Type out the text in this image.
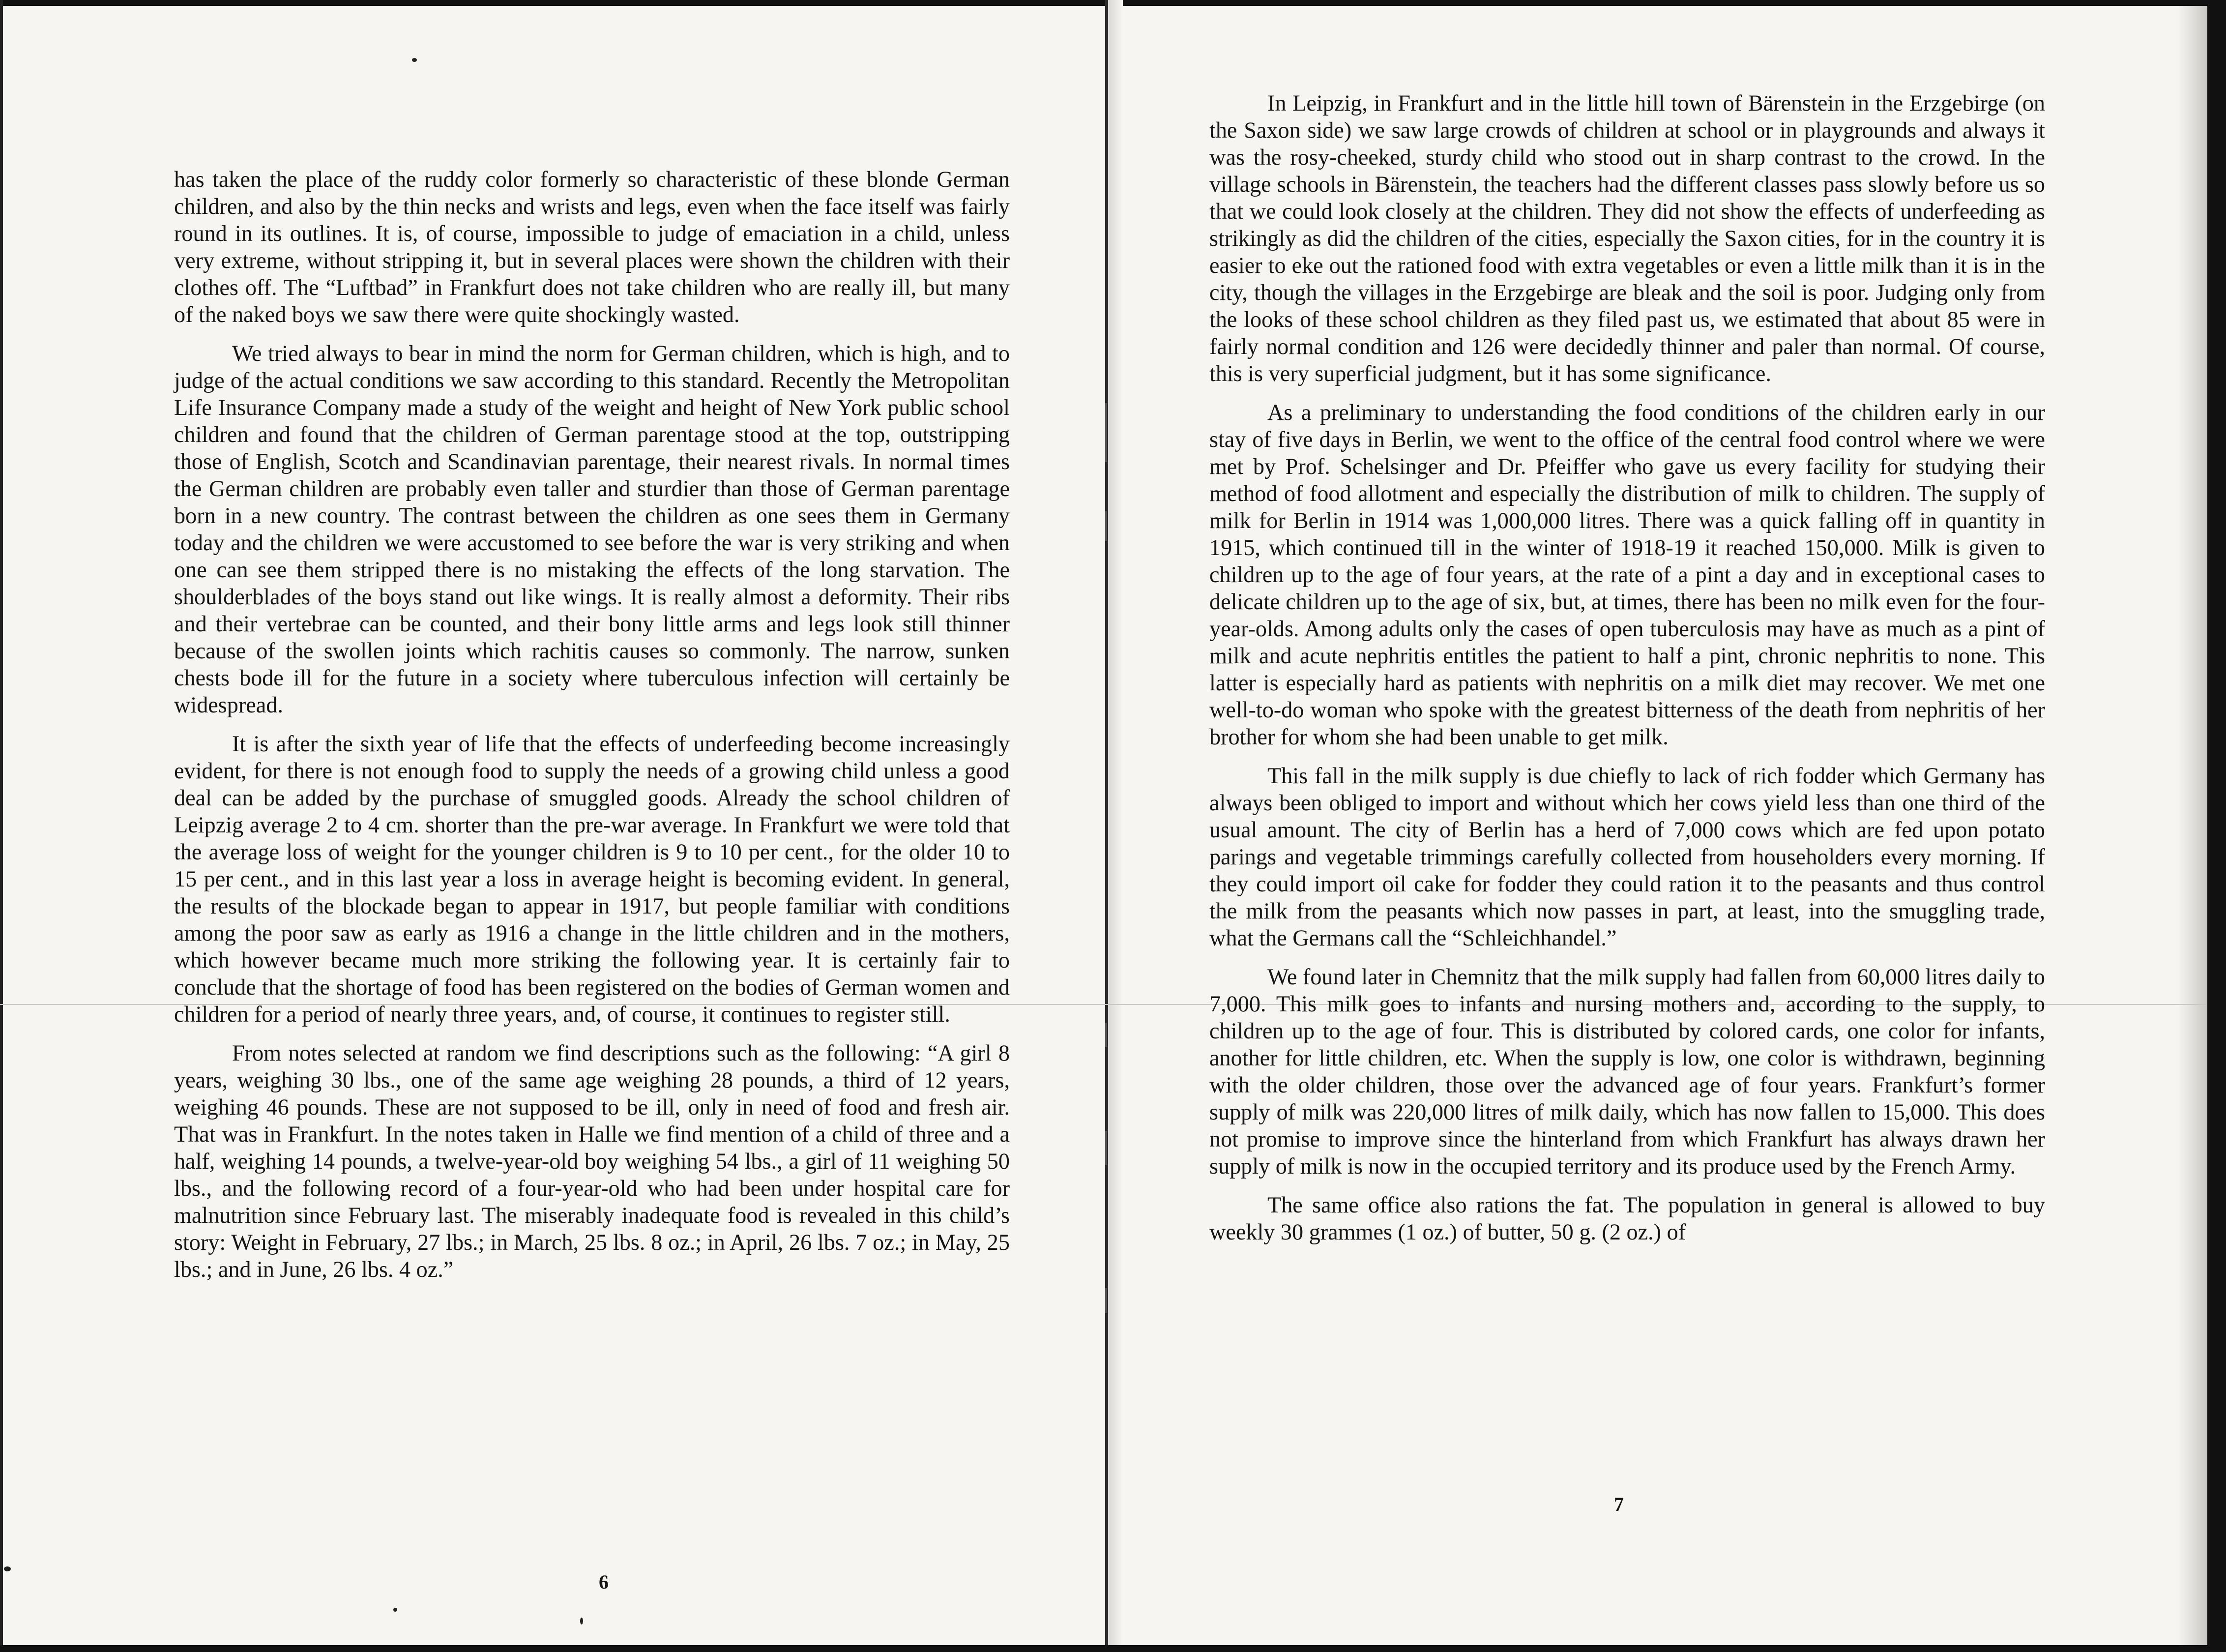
has taken the place of the ruddy color formerly so characteristic of these blonde German children, and also by the thin necks and wrists and legs, even when the face itself was fairly round in its outlines. It is, of course, impossible to judge of emaciation in a child, unless very extreme, without stripping it, but in several places were shown the children with their clothes off. The “Luftbad” in Frankfurt does not take children who are really ill, but many of the naked boys we saw there were quite shockingly wasted.

We tried always to bear in mind the norm for German children, which is high, and to judge of the actual conditions we saw according to this standard. Recently the Metropolitan Life Insurance Company made a study of the weight and height of New York public school children and found that the children of German parentage stood at the top, outstripping those of English, Scotch and Scandinavian parentage, their nearest rivals. In normal times the German children are probably even taller and sturdier than those of German parentage born in a new country. The contrast between the children as one sees them in Germany today and the children we were accustomed to see before the war is very striking and when one can see them stripped there is no mistaking the effects of the long starvation. The shoulderblades of the boys stand out like wings. It is really almost a deformity. Their ribs and their vertebrae can be counted, and their bony little arms and legs look still thinner because of the swollen joints which rachitis causes so commonly. The narrow, sunken chests bode ill for the future in a society where tuberculous infection will certainly be widespread.

It is after the sixth year of life that the effects of underfeeding become increasingly evident, for there is not enough food to supply the needs of a growing child unless a good deal can be added by the purchase of smuggled goods. Already the school children of Leipzig average 2 to 4 cm. shorter than the pre-war average. In Frankfurt we were told that the average loss of weight for the younger children is 9 to 10 per cent., for the older 10 to 15 per cent., and in this last year a loss in average height is becoming evident. In general, the results of the blockade began to appear in 1917, but people familiar with conditions among the poor saw as early as 1916 a change in the little children and in the mothers, which however became much more striking the following year. It is certainly fair to conclude that the shortage of food has been registered on the bodies of German women and children for a period of nearly three years, and, of course, it continues to register still.

From notes selected at random we find descriptions such as the following: “A girl 8 years, weighing 30 lbs., one of the same age weighing 28 pounds, a third of 12 years, weighing 46 pounds. These are not supposed to be ill, only in need of food and fresh air. That was in Frankfurt. In the notes taken in Halle we find mention of a child of three and a half, weighing 14 pounds, a twelve-year-old boy weighing 54 lbs., a girl of 11 weighing 50 lbs., and the following record of a four-year-old who had been under hospital care for malnutrition since February last. The miserably inadequate food is revealed in this child’s story: Weight in February, 27 lbs.; in March, 25 lbs. 8 oz.; in April, 26 lbs. 7 oz.; in May, 25 lbs.; and in June, 26 lbs. 4 oz.”

6

In Leipzig, in Frankfurt and in the little hill town of Bärenstein in the Erzgebirge (on the Saxon side) we saw large crowds of children at school or in playgrounds and always it was the rosy-cheeked, sturdy child who stood out in sharp contrast to the crowd. In the village schools in Bärenstein, the teachers had the different classes pass slowly before us so that we could look closely at the children. They did not show the effects of underfeeding as strikingly as did the children of the cities, especially the Saxon cities, for in the country it is easier to eke out the rationed food with extra vegetables or even a little milk than it is in the city, though the villages in the Erzgebirge are bleak and the soil is poor. Judging only from the looks of these school children as they filed past us, we estimated that about 85 were in fairly normal condition and 126 were decidedly thinner and paler than normal. Of course, this is very superficial judgment, but it has some significance.

As a preliminary to understanding the food conditions of the children early in our stay of five days in Berlin, we went to the office of the central food control where we were met by Prof. Schelsinger and Dr. Pfeiffer who gave us every facility for studying their method of food allotment and especially the distribution of milk to children. The supply of milk for Berlin in 1914 was 1,000,000 litres. There was a quick falling off in quantity in 1915, which continued till in the winter of 1918-19 it reached 150,000. Milk is given to children up to the age of four years, at the rate of a pint a day and in exceptional cases to delicate children up to the age of six, but, at times, there has been no milk even for the four-year-olds. Among adults only the cases of open tuberculosis may have as much as a pint of milk and acute nephritis entitles the patient to half a pint, chronic nephritis to none. This latter is especially hard as patients with nephritis on a milk diet may recover. We met one well-to-do woman who spoke with the greatest bitterness of the death from nephritis of her brother for whom she had been unable to get milk.

This fall in the milk supply is due chiefly to lack of rich fodder which Germany has always been obliged to import and without which her cows yield less than one third of the usual amount. The city of Berlin has a herd of 7,000 cows which are fed upon potato parings and vegetable trimmings carefully collected from householders every morning. If they could import oil cake for fodder they could ration it to the peasants and thus control the milk from the peasants which now passes in part, at least, into the smuggling trade, what the Germans call the “Schleichhandel.”

We found later in Chemnitz that the milk supply had fallen from 60,000 litres daily to 7,000. This milk goes to infants and nursing mothers and, according to the supply, to children up to the age of four. This is distributed by colored cards, one color for infants, another for little children, etc. When the supply is low, one color is withdrawn, beginning with the older children, those over the advanced age of four years. Frankfurt’s former supply of milk was 220,000 litres of milk daily, which has now fallen to 15,000. This does not promise to improve since the hinterland from which Frankfurt has always drawn her supply of milk is now in the occupied territory and its produce used by the French Army.

The same office also rations the fat. The population in general is allowed to buy weekly 30 grammes (1 oz.) of butter, 50 g. (2 oz.) of

7
